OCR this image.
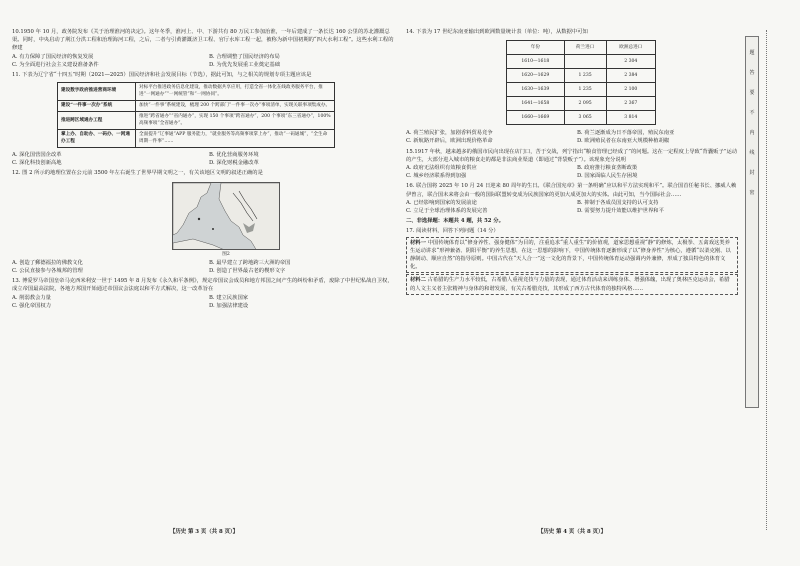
10.1950 年 10 月，政务院发布《关于治理淮河的决定》。这年冬季，淮河上、中、下游共有 80 万民工参加治淮，一年后建成了一条长达 160 公里的苏北灌溉总渠。同时，中央启动了荆江分洪工程和治理海河工程，之后，二者与引黄灌溉济卫工程、官厅水库工程一起，被称为新中国初期的“四大水利工程”。这些水利工程的修建

A. 有力保障了国民经济的恢复发展	B. 合理调整了国民经济的布局
C. 为全面进行社会主义建设准备条件	D. 为优先发展重工业奠定基础

11. 下表为辽宁省“十四五”时期（2021—2025）国民经济和社会发展目标（节选），据此可知，与之相关的规划专项主题应该是

建设数字政府推进营商环境	对标平台推进政务信息化建设，推动数据共享应用，打造全省一体化在线政务服务平台，推进“一网通办”“一网统管”和“一网协同”。
建设“一件事一次办”系统	加快“一件事”系统建设，梳理 200 个跨部门“一件事一次办”事项清单，实现关联事项集成办。
推进跨区域通办工程	推进“跨省通办”“省内通办”，实现 150 个事项“跨省通办”，200 个事项“东三省通办”，100% 高频事项“全省通办”。
掌上办、自助办、一码办、一网通办工程	全面提升“辽事通”APP 服务能力，“就业服务等高频事项掌上办”，推动“一码通城”，“全生命周期一件事”……
A. 深化国营国企改革	B. 优化营商服务环境
C. 深化科技创新高地	D. 深化财税金融改革

12. 图 2 所示的地理位置在公元前 3500 年左右诞生了世界早期文明之一，有关该地区文明的叙述正确的是

图2
A. 创造了郵德福拉的佛教文化	B. 最早建立了跨地跨三大洲的帝国
C. 公民直接参与各城邦的管理	D. 创造了世界最古老的楔形文字

13. 博爱罗马帝国皇帝马克西米利安一世于 1495 年 8 月发布《永久和平条例》，规定帝国议会成员和地方邦国之间产生的纠纷和矛盾，废除了中世纪私战自卫权，成立帝国最高法院，各地方邦国开始通过帝国议会法庭以和平方式解决，这一改革旨在

A. 削弱教会力量	B. 建立民族国家
C. 强化帝国权力	D. 加强法律建设
【历史 第 3 页（共 8 页）】

14. 下表为 17 世纪东南亚输出到欧洲数量统计表（单位：吨），从数据中可知

年份	荷兰进口	欧洲总进口
1610—1618		2 304
1620—1629	1 235	2 384
1630—1639	1 235	2 100
1641—1658	2 095	2 367
1660—1669	3 065	3 814
A. 荷兰殖民扩张，加剧香料贸易竞争	B. 荷兰逐渐成为日不落帝国，殖民东南亚
C. 新航路开辟后，欧洲出现价格革命	D. 欧洲殖民者在东南亚大规模种植胡椒

15.1917 年秋，越来越多的俄国市民向出现在店门口，苦于交战，列宁指出“粮食管理已经成了”的问题。这在一定程度上导致“背囊贩子”运动的产生，大部分进入城市的粮食走的都是非法商业渠道（即通过“背袋贩子”）。该现象充分说明

A. 政府无法组织有效粮食供应	B. 政府推行粮食垄断政策
C. 城乡经济联系得到加强	D. 国家面临人民生存困境

16. 联合国将 2025 年 10 月 24 日迎来 80 周年的生日。《联合国宪章》第一条明确“应以和平方法实现和平”。联合国首任秘书长、挪威人赖伊曾言，联合国未来将会由一般的国际联盟转变成为民族国家的更加大成更加大的实体。由此可知，当今国际社会……

A. 已经影响到国家的发展前途	B. 抑制于各成员国支持的认可支持
C. 立足于全球治理体系的发展完善	D. 需要努力提升效能以维护世界和平
二、非选择题：本题共 4 题，共 52 分。

17. 阅读材料，回答下列问题（14 分）

材料一 中国传统体育以“修身养性、强身健体”为目的，注重追求“重人重生”的价值观，道家思想重视“静”的修炼，太极拳、五禽戏这类养生运动讲求“形神兼备、阴阳平衡”的养生思想，在这一思想的影响下，中国传统体育逐渐形成了以“修身养性”为核心，遵循“以柔克刚、以静制动、顺应自然”的指导原则。中国古代在“天人合一”这一文化的背景下，中国传统体育运动强调内外兼修，形成了独具特色的体育文化。
材料二 古希腊的生产力水平较低，古希腊人重视竞技与力量的表现，通过体育活动来训练身体、增强体魄，出现了奥林匹克运动会，希腊的人文主义者主张精神与身体的和谐发展，有关古希腊竞技，其形成了西方古代体育的独特风格……
【历史 第 4 页（共 8 页）】
题
答
要
不
内
线
封
密
